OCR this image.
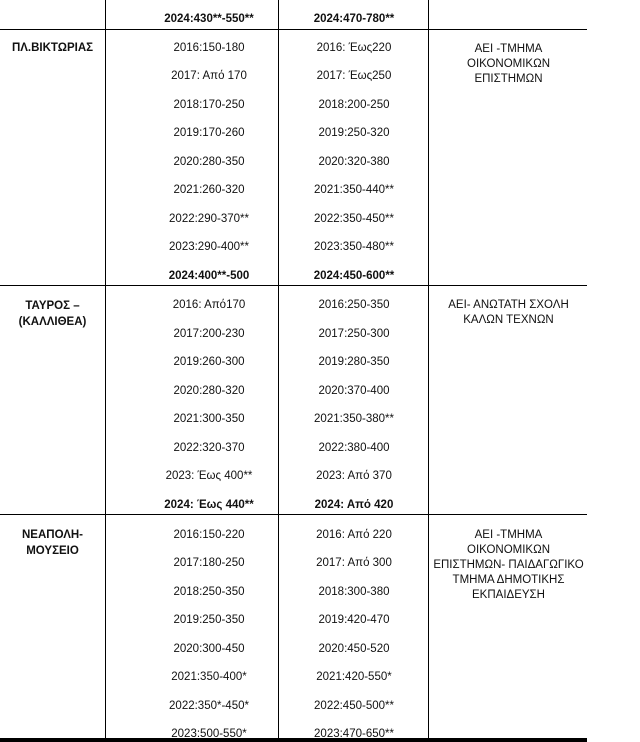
2024:430**-550**	2024:470-780**
ΠΛ.ΒΙΚΤΩΡΙΑΣ	2016:150-180
2017: Από 170
2018:170-250
2019:170-260
2020:280-350
2021:260-320
2022:290-370**
2023:290-400**
2024:400**-500
2016: Έως220
2017: Έως250
2018:200-250
2019:250-320
2020:320-380
2021:350-440**
2022:350-450**
2023:350-480**
2024:450-600**
ΑΕΙ -ΤΜΗΜΑ
ΟΙΚΟΝΟΜΙΚΩΝ
ΕΠΙΣΤΗΜΩΝ
ΤΑΥΡΟΣ –
(ΚΑΛΛΙΘΕΑ)
2016: Από170
2017:200-230
2019:260-300
2020:280-320
2021:300-350
2022:320-370
2023: Έως 400**
2024: Έως 440**
2016:250-350
2017:250-300
2019:280-350
2020:370-400
2021:350-380**
2022:380-400
2023: Από 370
2024: Από 420
ΑΕΙ- ΑΝΩΤΑΤΗ ΣΧΟΛΗ
ΚΑΛΩΝ ΤΕΧΝΩΝ
ΝΕΑΠΟΛΗ-
ΜΟΥΣΕΙΟ
2016:150-220
2017:180-250
2018:250-350
2019:250-350
2020:300-450
2021:350-400*
2022:350*-450*
2023:500-550*
2016: Από 220
2017: Από 300
2018:300-380
2019:420-470
2020:450-520
2021:420-550*
2022:450-500**
2023:470-650**
ΑΕΙ -ΤΜΗΜΑ
ΟΙΚΟΝΟΜΙΚΩΝ
ΕΠΙΣΤΗΜΩΝ- ΠΑΙΔΑΓΩΓΙΚΟ
ΤΜΗΜΑ ΔΗΜΟΤΙΚΗΣ
ΕΚΠΑΙΔΕΥΣΗ
